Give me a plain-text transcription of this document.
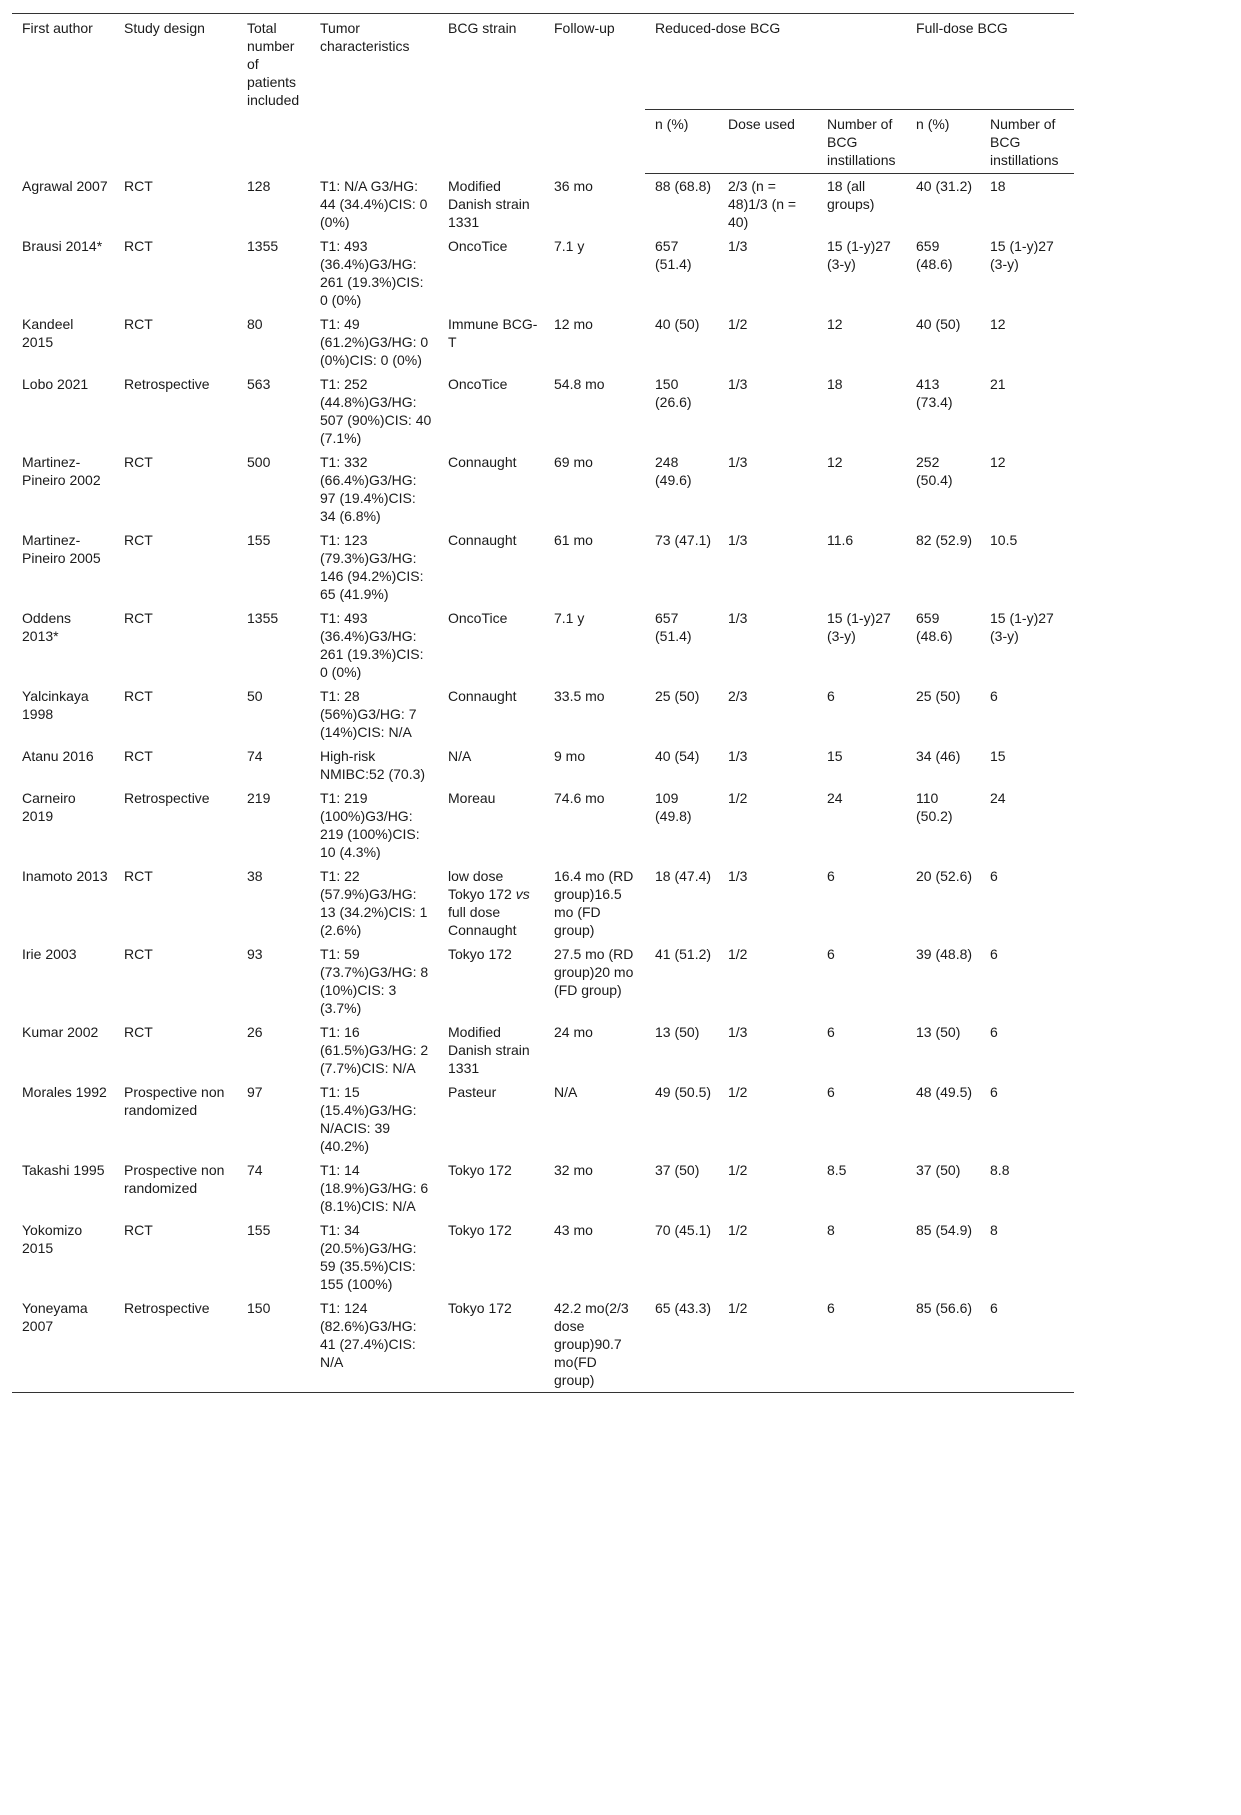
First author	Study design	Total number of patients included	Tumor characteristics	BCG strain	Follow-up	Reduced-dose BCG			Full-dose BCG	
						n (%)	Dose used	Number of BCG instillations	n (%)	Number of BCG instillations
Agrawal 2007	RCT	128	T1: N/A G3/HG: 44 (34.4%)CIS: 0 (0%)	Modified Danish strain 1331	36 mo	88 (68.8)	2/3 (n = 48)1/3 (n = 40)	18 (all groups)	40 (31.2)	18
Brausi 2014*	RCT	1355	T1: 493 (36.4%)G3/HG: 261 (19.3%)CIS: 0 (0%)	OncoTice	7.1 y	657 (51.4)	1/3	15 (1-y)27 (3-y)	659 (48.6)	15 (1-y)27 (3-y)
Kandeel 2015	RCT	80	T1: 49 (61.2%)G3/HG: 0 (0%)CIS: 0 (0%)	Immune BCG-T	12 mo	40 (50)	1/2	12	40 (50)	12
Lobo 2021	Retrospective	563	T1: 252 (44.8%)G3/HG: 507 (90%)CIS: 40 (7.1%)	OncoTice	54.8 mo	150 (26.6)	1/3	18	413 (73.4)	21
Martinez-Pineiro 2002	RCT	500	T1: 332 (66.4%)G3/HG: 97 (19.4%)CIS: 34 (6.8%)	Connaught	69 mo	248 (49.6)	1/3	12	252 (50.4)	12
Martinez-Pineiro 2005	RCT	155	T1: 123 (79.3%)G3/HG: 146 (94.2%)CIS: 65 (41.9%)	Connaught	61 mo	73 (47.1)	1/3	11.6	82 (52.9)	10.5
Oddens 2013*	RCT	1355	T1: 493 (36.4%)G3/HG: 261 (19.3%)CIS: 0 (0%)	OncoTice	7.1 y	657 (51.4)	1/3	15 (1-y)27 (3-y)	659 (48.6)	15 (1-y)27 (3-y)
Yalcinkaya 1998	RCT	50	T1: 28 (56%)G3/HG: 7 (14%)CIS: N/A	Connaught	33.5 mo	25 (50)	2/3	6	25 (50)	6
Atanu 2016	RCT	74	High-risk NMIBC:52 (70.3)	N/A	9 mo	40 (54)	1/3	15	34 (46)	15
Carneiro 2019	Retrospective	219	T1: 219 (100%)G3/HG: 219 (100%)CIS: 10 (4.3%)	Moreau	74.6 mo	109 (49.8)	1/2	24	110 (50.2)	24
Inamoto 2013	RCT	38	T1: 22 (57.9%)G3/HG: 13 (34.2%)CIS: 1 (2.6%)	low dose Tokyo 172 vs full dose Connaught	16.4 mo (RD group)16.5 mo (FD group)	18 (47.4)	1/3	6	20 (52.6)	6
Irie 2003	RCT	93	T1: 59 (73.7%)G3/HG: 8 (10%)CIS: 3 (3.7%)	Tokyo 172	27.5 mo (RD group)20 mo (FD group)	41 (51.2)	1/2	6	39 (48.8)	6
Kumar 2002	RCT	26	T1: 16 (61.5%)G3/HG: 2 (7.7%)CIS: N/A	Modified Danish strain 1331	24 mo	13 (50)	1/3	6	13 (50)	6
Morales 1992	Prospective non randomized	97	T1: 15 (15.4%)G3/HG: N/ACIS: 39 (40.2%)	Pasteur	N/A	49 (50.5)	1/2	6	48 (49.5)	6
Takashi 1995	Prospective non randomized	74	T1: 14 (18.9%)G3/HG: 6 (8.1%)CIS: N/A	Tokyo 172	32 mo	37 (50)	1/2	8.5	37 (50)	8.8
Yokomizo 2015	RCT	155	T1: 34 (20.5%)G3/HG: 59 (35.5%)CIS: 155 (100%)	Tokyo 172	43 mo	70 (45.1)	1/2	8	85 (54.9)	8
Yoneyama 2007	Retrospective	150	T1: 124 (82.6%)G3/HG: 41 (27.4%)CIS: N/A	Tokyo 172	42.2 mo(2/3 dose group)90.7 mo(FD group)	65 (43.3)	1/2	6	85 (56.6)	6
